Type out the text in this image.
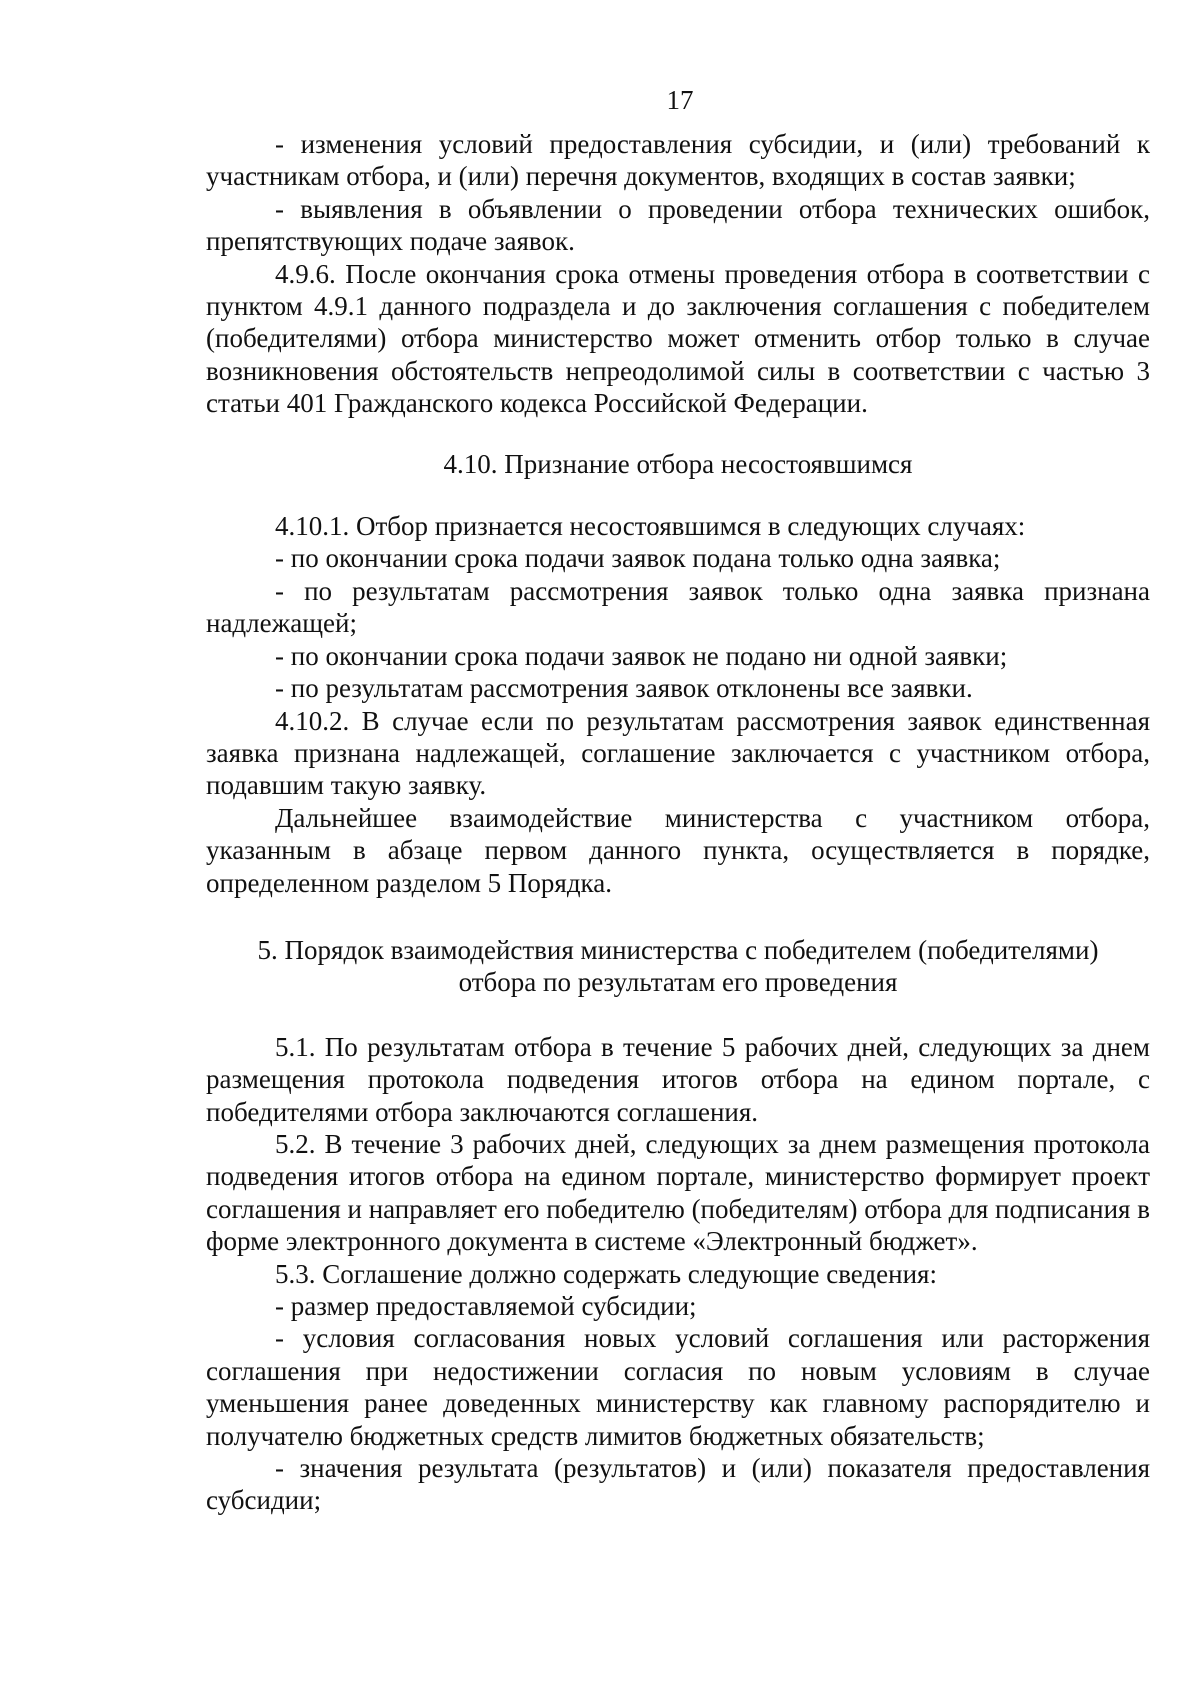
17

- изменения условий предоставления субсидии, и (или) требований к участникам отбора, и (или) перечня документов, входящих в состав заявки;

- выявления в объявлении о проведении отбора технических ошибок, препятствующих подаче заявок.

4.9.6. После окончания срока отмены проведения отбора в соответствии с пунктом 4.9.1 данного подраздела и до заключения соглашения с победителем (победителями) отбора министерство может отменить отбор только в случае возникновения обстоятельств непреодолимой силы в соответствии с частью 3 статьи 401 Гражданского кодекса Российской Федерации.

4.10. Признание отбора несостоявшимся

4.10.1. Отбор признается несостоявшимся в следующих случаях:

- по окончании срока подачи заявок подана только одна заявка;

- по результатам рассмотрения заявок только одна заявка признана надлежащей;

- по окончании срока подачи заявок не подано ни одной заявки;

- по результатам рассмотрения заявок отклонены все заявки.

4.10.2. В случае если по результатам рассмотрения заявок единственная заявка признана надлежащей, соглашение заключается с участником отбора, подавшим такую заявку.

Дальнейшее взаимодействие министерства с участником отбора, указанным в абзаце первом данного пункта, осуществляется в порядке, определенном разделом 5 Порядка.

5. Порядок взаимодействия министерства с победителем (победителями)

отбора по результатам его проведения

5.1. По результатам отбора в течение 5 рабочих дней, следующих за днем размещения протокола подведения итогов отбора на едином портале, с победителями отбора заключаются соглашения.

5.2. В течение 3 рабочих дней, следующих за днем размещения протокола подведения итогов отбора на едином портале, министерство формирует проект соглашения и направляет его победителю (победителям) отбора для подписания в форме электронного документа в системе «Электронный бюджет».

5.3. Соглашение должно содержать следующие сведения:

- размер предоставляемой субсидии;

- условия согласования новых условий соглашения или расторжения соглашения при недостижении согласия по новым условиям в случае уменьшения ранее доведенных министерству как главному распорядителю и получателю бюджетных средств лимитов бюджетных обязательств;

- значения результата (результатов) и (или) показателя предоставления субсидии;
